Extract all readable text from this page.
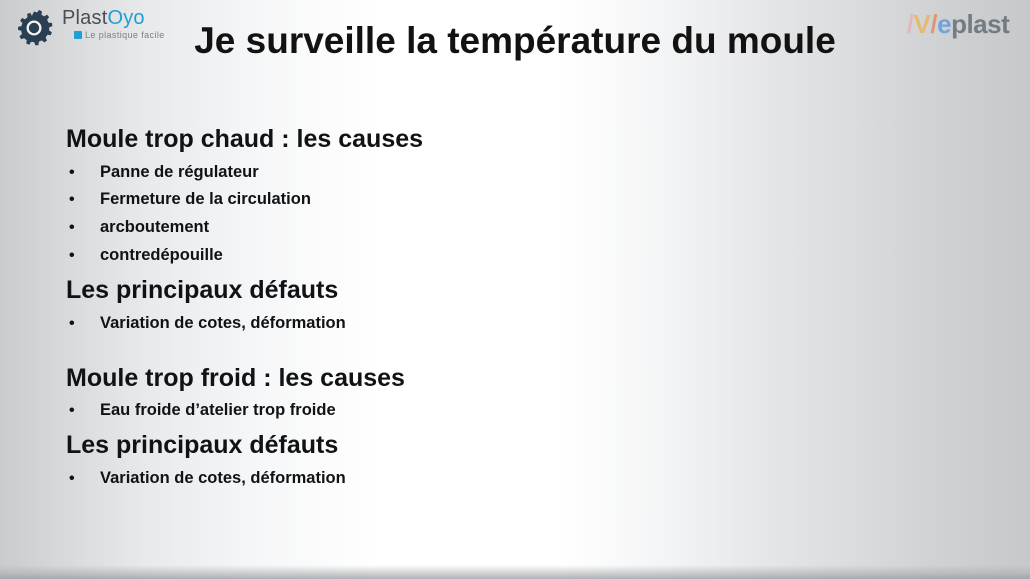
PlastOyo
Le plastique facile	/ V / e plast \
Je surveille la température du moule
Moule trop chaud : les causes
• Panne de régulateur
• Fermeture de la circulation
• arcboutement
• contredépouille
Les principaux défauts
• Variation de cotes, déformation
Moule trop froid : les causes
• Eau froide d’atelier trop froide
Les principaux défauts
• Variation de cotes, déformation
